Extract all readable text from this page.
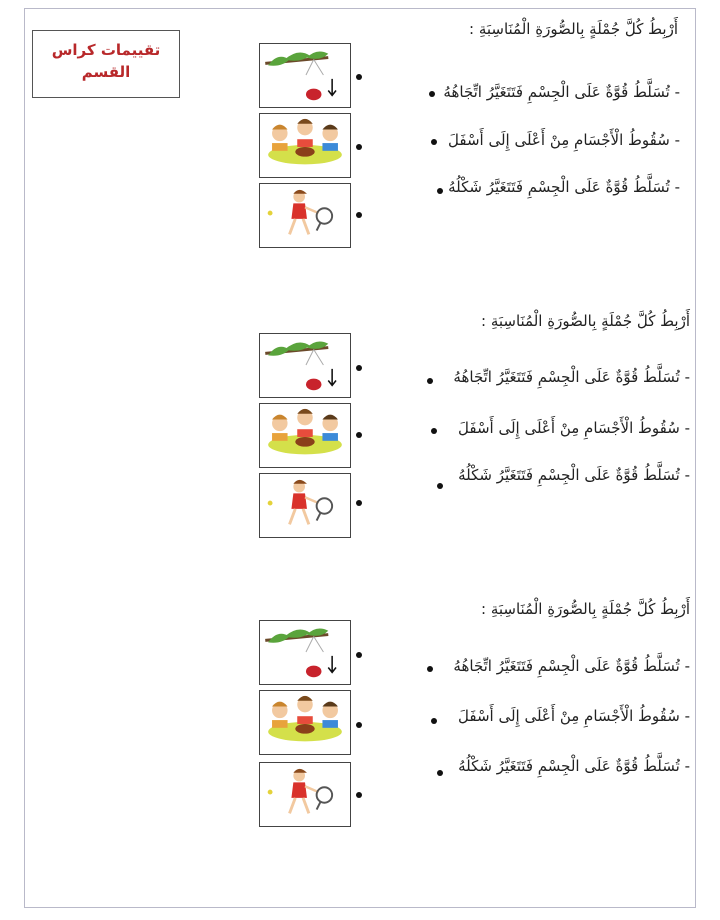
تقييمات كراس
القسم
أَرْبِطُ كُلَّ جُمْلَةٍ بِالصُّورَةِ الْمُنَاسِبَةِ :
- تُسَلَّطُ قُوَّةٌ عَلَى الْجِسْمِ فَتَتَغَيَّرُ اتِّجَاهُهُ
- سُقُوطُ الْأَجْسَامِ مِنْ أَعْلَى إِلَى أَسْفَلَ
- تُسَلَّطُ قُوَّةٌ عَلَى الْجِسْمِ فَتَتَغَيَّرُ شَكْلُهُ
أَرْبِطُ كُلَّ جُمْلَةٍ بِالصُّورَةِ الْمُنَاسِبَةِ :
- تُسَلَّطُ قُوَّةٌ عَلَى الْجِسْمِ فَتَتَغَيَّرُ اتِّجَاهُهُ
- سُقُوطُ الْأَجْسَامِ مِنْ أَعْلَى إِلَى أَسْفَلَ
- تُسَلَّطُ قُوَّةٌ عَلَى الْجِسْمِ فَتَتَغَيَّرُ شَكْلُهُ
أَرْبِطُ كُلَّ جُمْلَةٍ بِالصُّورَةِ الْمُنَاسِبَةِ :
- تُسَلَّطُ قُوَّةٌ عَلَى الْجِسْمِ فَتَتَغَيَّرُ اتِّجَاهُهُ
- سُقُوطُ الْأَجْسَامِ مِنْ أَعْلَى إِلَى أَسْفَلَ
- تُسَلَّطُ قُوَّةٌ عَلَى الْجِسْمِ فَتَتَغَيَّرُ شَكْلُهُ
